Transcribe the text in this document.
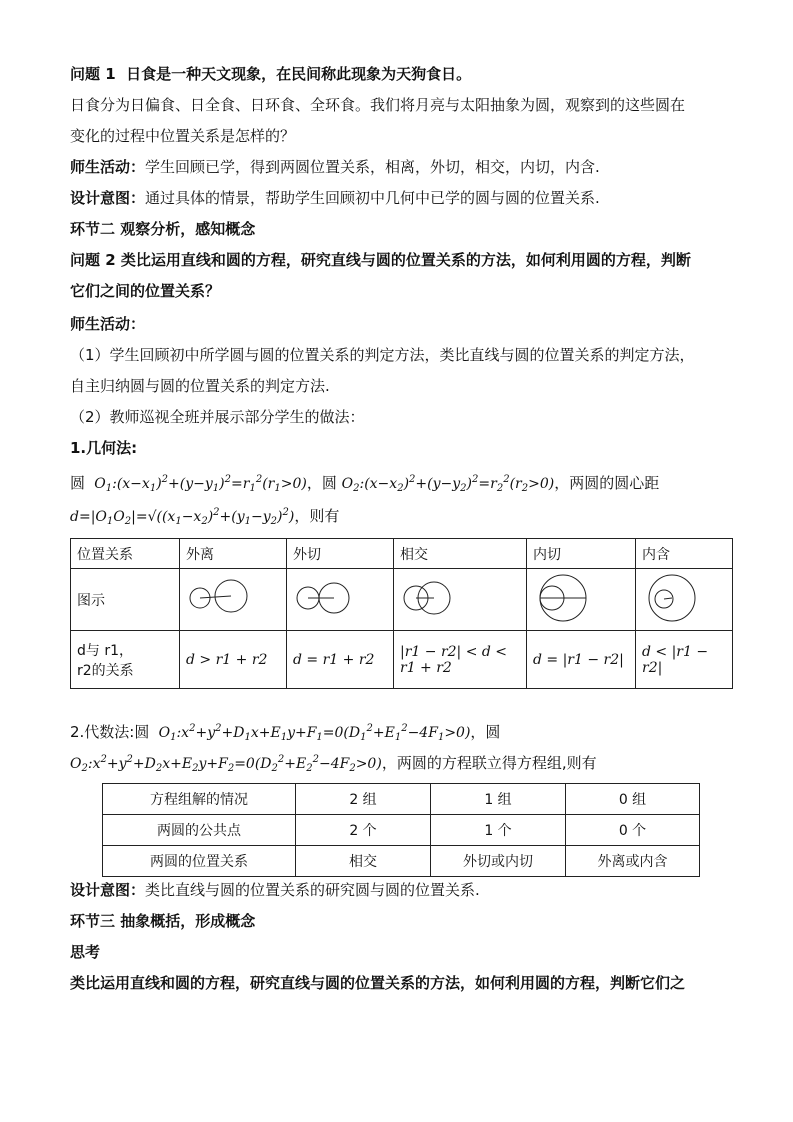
问题 1 日食是一种天文现象，在民间称此现象为天狗食日。
日食分为日偏食、日全食、日环食、全环食。我们将月亮与太阳抽象为圆，观察到的这些圆在
变化的过程中位置关系是怎样的？
师生活动：学生回顾已学，得到两圆位置关系，相离，外切，相交，内切，内含.
设计意图：通过具体的情景，帮助学生回顾初中几何中已学的圆与圆的位置关系.
环节二 观察分析，感知概念
问题 2 类比运用直线和圆的方程，研究直线与圆的位置关系的方法，如何利用圆的方程，判断
它们之间的位置关系？
师生活动：
（1）学生回顾初中所学圆与圆的位置关系的判定方法，类比直线与圆的位置关系的判定方法，
自主归纳圆与圆的位置关系的判定方法.
（2）教师巡视全班并展示部分学生的做法：
1.几何法:
圆  $O_1:(x-x_1)^2+(y-y_1)^2=r_1^2(r_1>0)$，圆 $O_2:(x-x_2)^2+(y-y_2)^2=r_2^2(r_2>0)$，两圆的圆心距
$d=|O_1O_2|=√((x_1-x_2)^2+(y_1-y_2)^2)$，则有
位置关系	外离	外切	相交	内切	内含
图示					

d与 r1，
r2的关系	d > r1 + r2	d = r1 + r2	|r1 − r2| < d < r1 + r2	d = |r1 − r2|	d < |r1 − r2|
2.代数法:圆  $O_1:x^2+y^2+D_1x+E_1y+F_1=0(D_1^2+E_1^2-4F_1>0)$，圆
$O_2:x^2+y^2+D_2x+E_2y+F_2=0(D_2^2+E_2^2-4F_2>0)$，两圆的方程联立得方程组,则有
方程组解的情况	2 组	1 组	0 组
两圆的公共点	2 个	1 个	0 个
两圆的位置关系	相交	外切或内切	外离或内含
设计意图：类比直线与圆的位置关系的研究圆与圆的位置关系.
环节三 抽象概括，形成概念
思考
类比运用直线和圆的方程，研究直线与圆的位置关系的方法，如何利用圆的方程，判断它们之
